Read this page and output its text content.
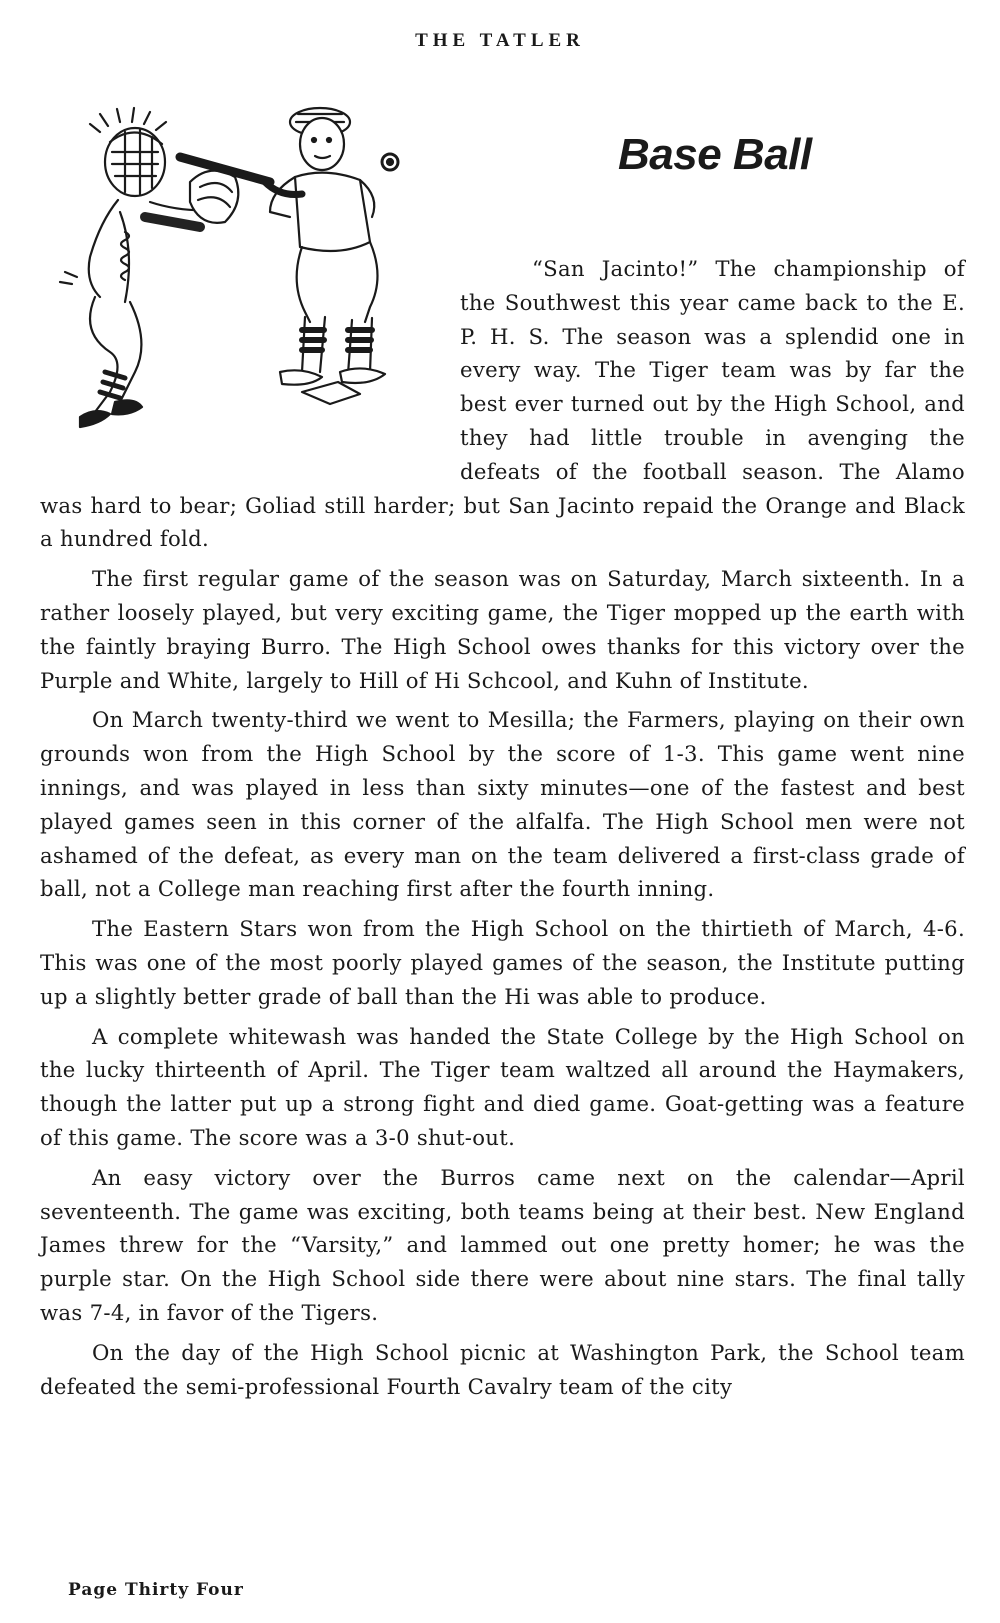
THE TATLER
Base Ball

“San Jacinto!” The championship of the Southwest this year came back to the E. P. H. S. The season was a splendid one in every way. The Tiger team was by far the best ever turned out by the High School, and they had little trouble in avenging the defeats of the football season. The Alamo was hard to bear; Goliad still harder; but San Jacinto repaid the Orange and Black a hundred fold.

The first regular game of the season was on Saturday, March sixteenth. In a rather loosely played, but very exciting game, the Tiger mopped up the earth with the faintly braying Burro. The High School owes thanks for this victory over the Purple and White, largely to Hill of Hi Schcool, and Kuhn of Institute.

On March twenty-third we went to Mesilla; the Farmers, playing on their own grounds won from the High School by the score of 1-3. This game went nine innings, and was played in less than sixty minutes—one of the fastest and best played games seen in this corner of the alfalfa. The High School men were not ashamed of the defeat, as every man on the team delivered a first-class grade of ball, not a College man reaching first after the fourth inning.

The Eastern Stars won from the High School on the thirtieth of March, 4-6. This was one of the most poorly played games of the season, the Institute putting up a slightly better grade of ball than the Hi was able to produce.

A complete whitewash was handed the State College by the High School on the lucky thirteenth of April. The Tiger team waltzed all around the Haymakers, though the latter put up a strong fight and died game. Goat-getting was a feature of this game. The score was a 3-0 shut-out.

An easy victory over the Burros came next on the calendar—April seventeenth. The game was exciting, both teams being at their best. New England James threw for the “Varsity,” and lammed out one pretty homer; he was the purple star. On the High School side there were about nine stars. The final tally was 7-4, in favor of the Tigers.

On the day of the High School picnic at Washington Park, the School team defeated the semi-professional Fourth Cavalry team of the city

Page Thirty Four
